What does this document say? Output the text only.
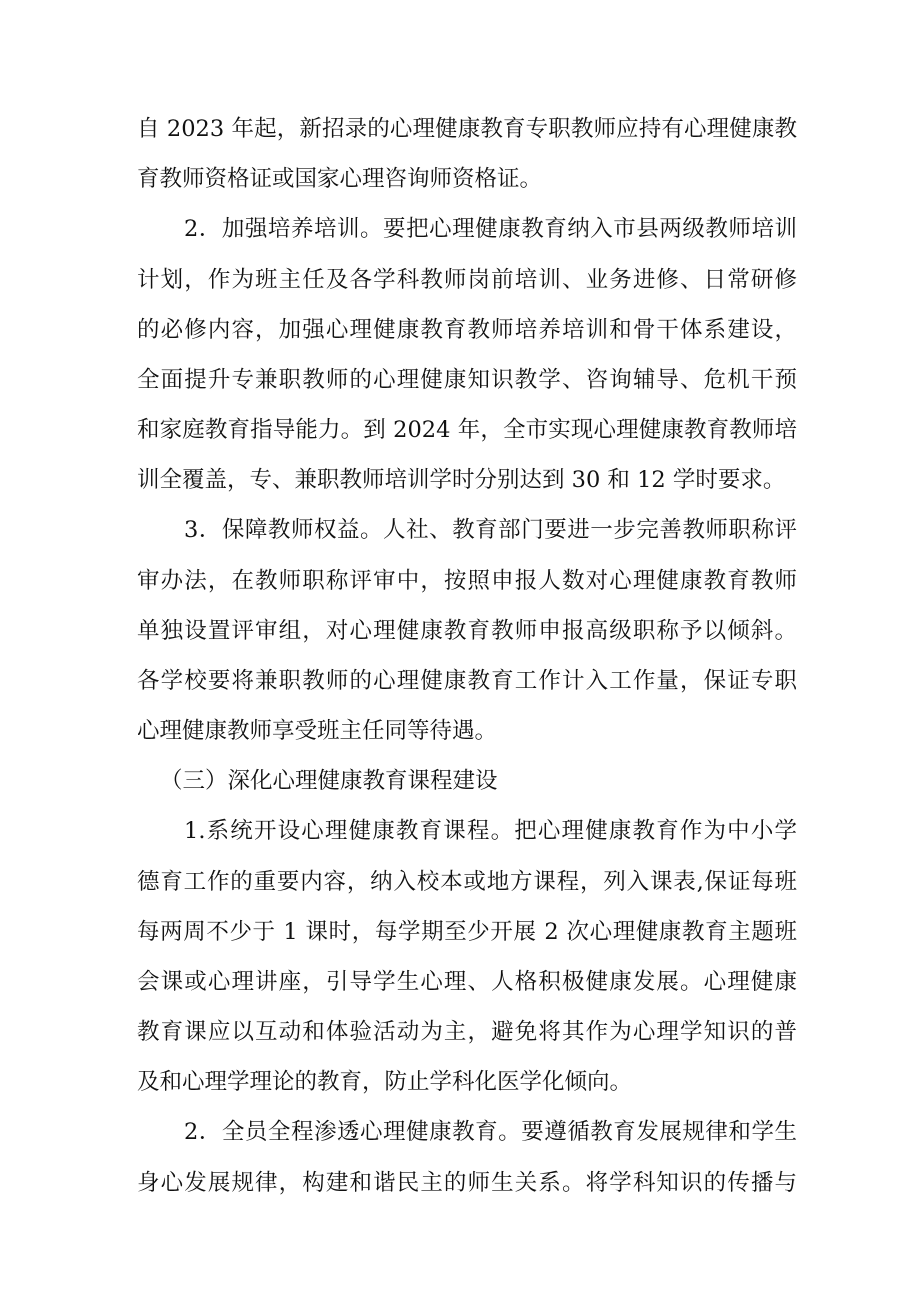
自 2023 年起，新招录的心理健康教育专职教师应持有心理健康教
育教师资格证或国家心理咨询师资格证。
2．加强培养培训。要把心理健康教育纳入市县两级教师培训
计划，作为班主任及各学科教师岗前培训、业务进修、日常研修
的必修内容，加强心理健康教育教师培养培训和骨干体系建设，
全面提升专兼职教师的心理健康知识教学、咨询辅导、危机干预
和家庭教育指导能力。到 2024 年，全市实现心理健康教育教师培
训全覆盖，专、兼职教师培训学时分别达到 30 和 12 学时要求。
3．保障教师权益。人社、教育部门要进一步完善教师职称评
审办法，在教师职称评审中，按照申报人数对心理健康教育教师
单独设置评审组，对心理健康教育教师申报高级职称予以倾斜。
各学校要将兼职教师的心理健康教育工作计入工作量，保证专职
心理健康教师享受班主任同等待遇。
（三）深化心理健康教育课程建设
1.系统开设心理健康教育课程。把心理健康教育作为中小学
德育工作的重要内容，纳入校本或地方课程，列入课表,保证每班
每两周不少于 1 课时，每学期至少开展 2 次心理健康教育主题班
会课或心理讲座，引导学生心理、人格积极健康发展。心理健康
教育课应以互动和体验活动为主，避免将其作为心理学知识的普
及和心理学理论的教育，防止学科化医学化倾向。
2．全员全程渗透心理健康教育。要遵循教育发展规律和学生
身心发展规律，构建和谐民主的师生关系。将学科知识的传播与
